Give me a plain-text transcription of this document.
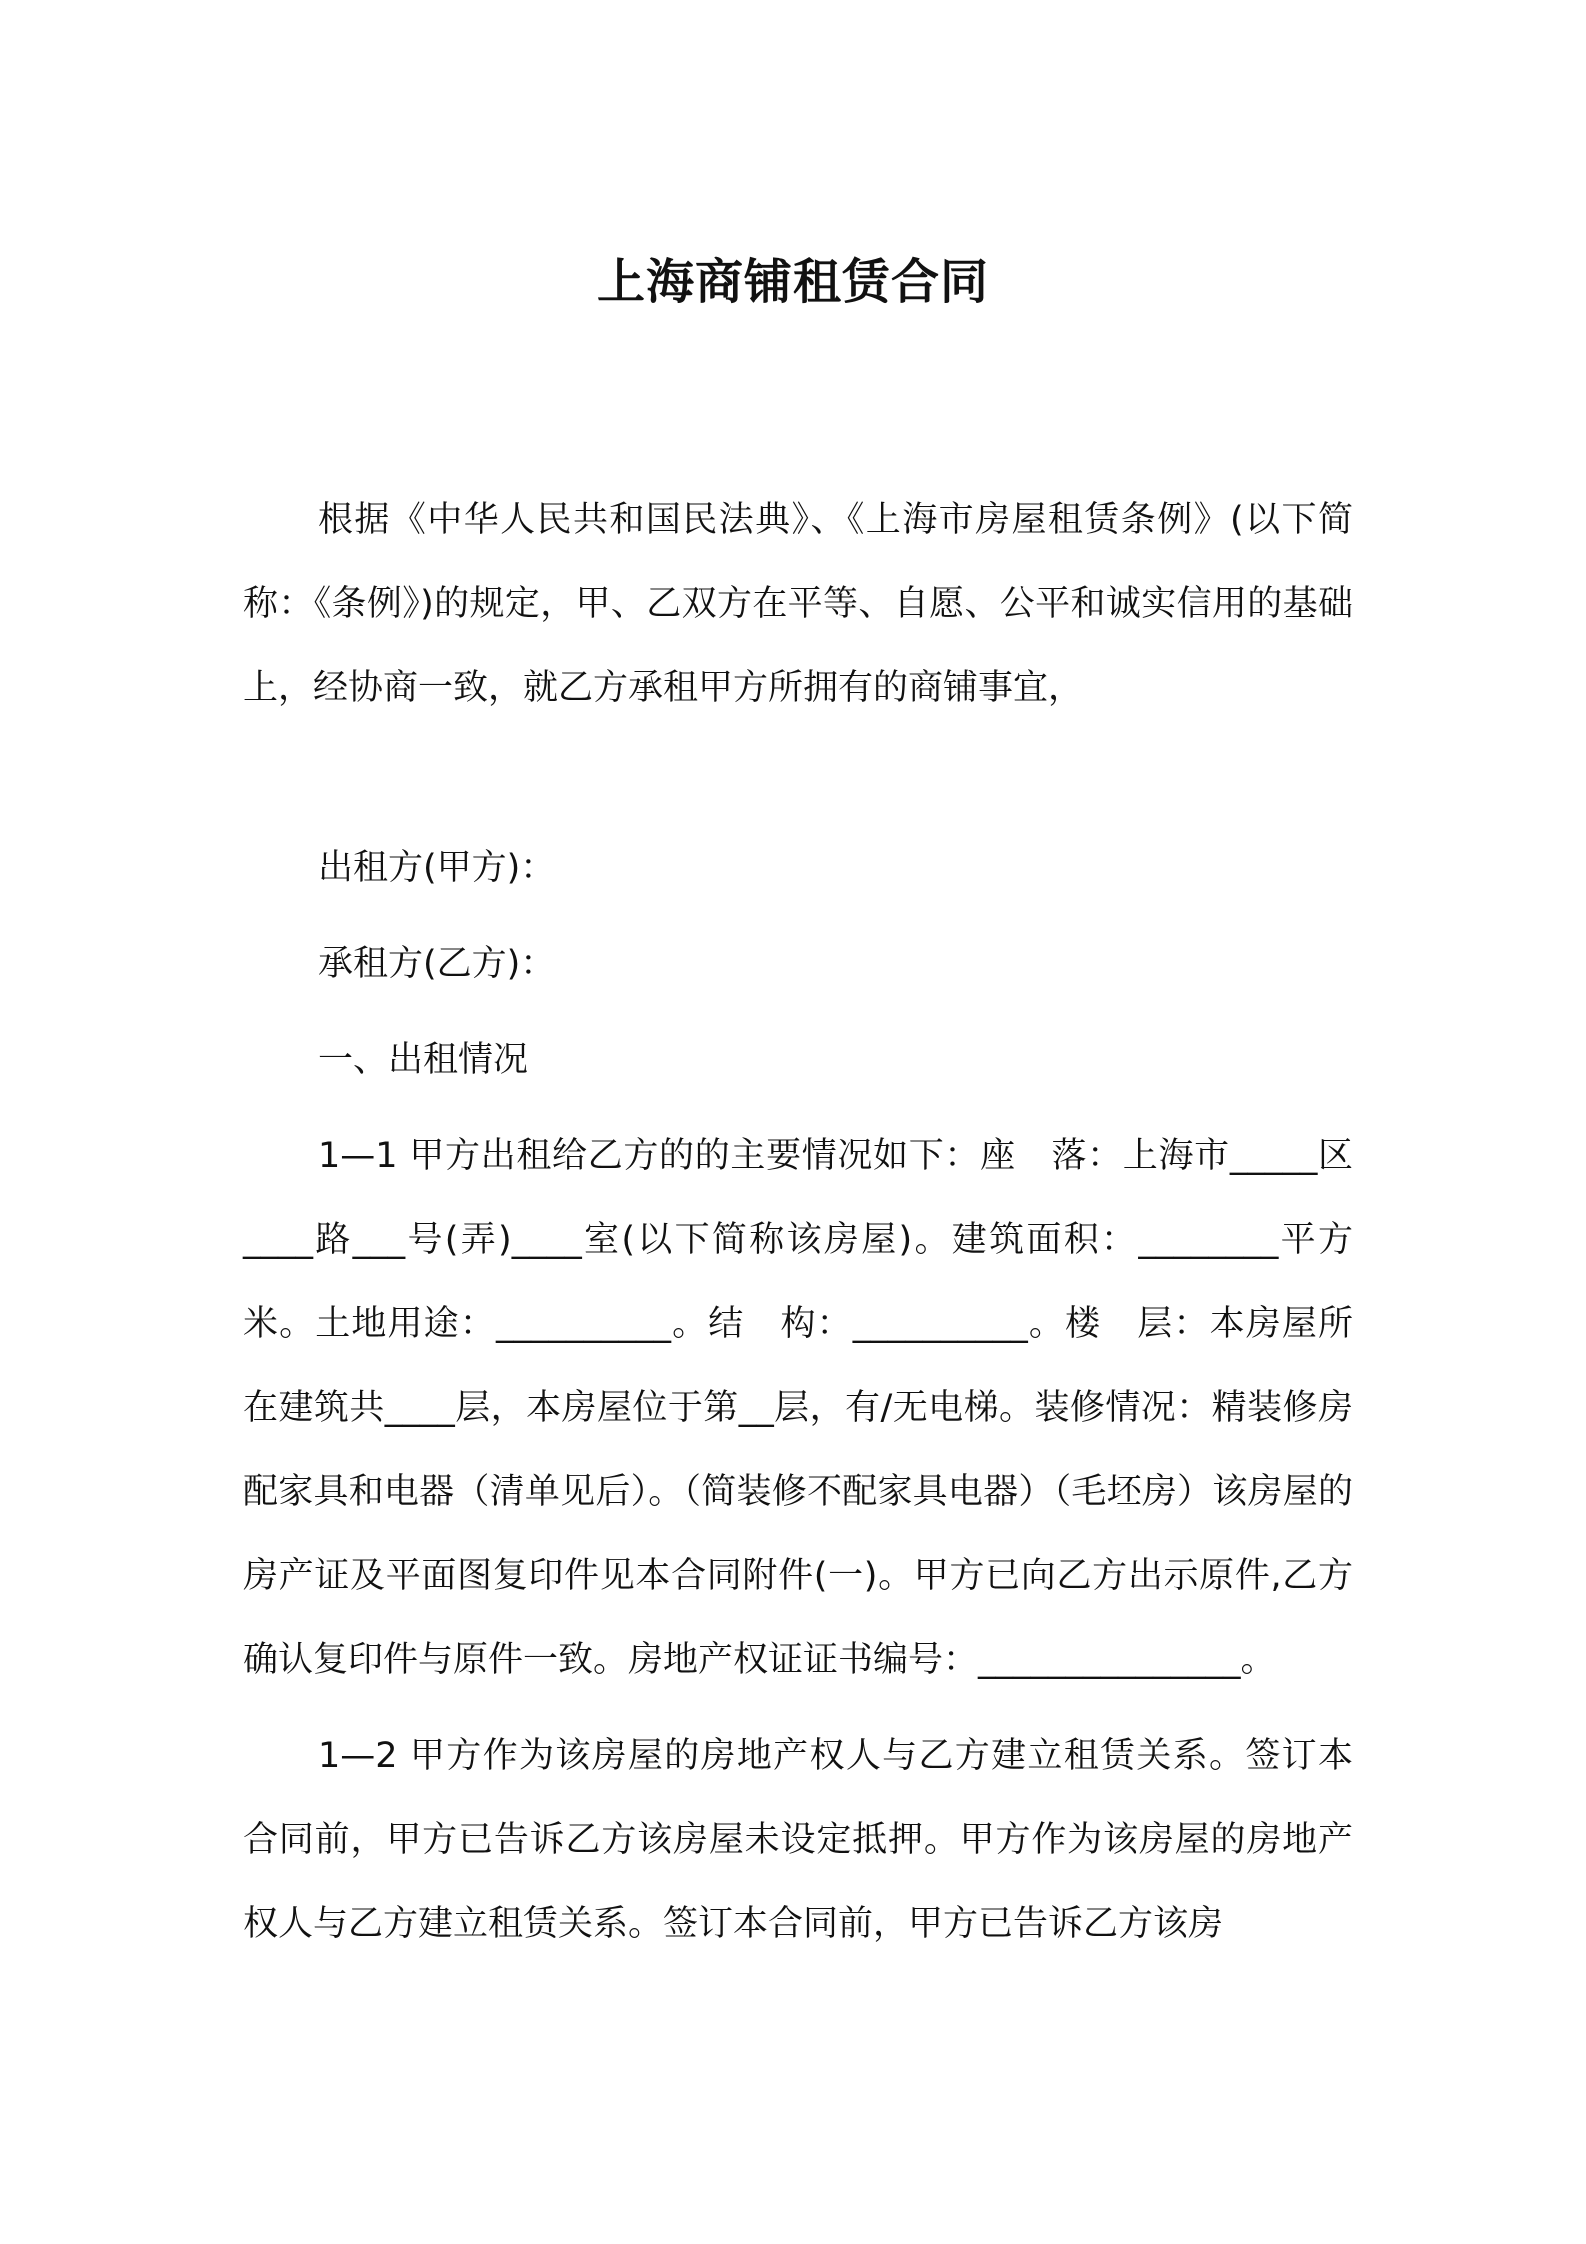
上海商铺租赁合同

根据《中华人民共和国民法典》、《上海市房屋租赁条例》(以下简称：《条例》)的规定，甲、乙双方在平等、自愿、公平和诚实信用的基础上，经协商一致，就乙方承租甲方所拥有的商铺事宜，

出租方(甲方)：

承租方(乙方)：

一、出租情况

1—1 甲方出租给乙方的的主要情况如下：座　落：上海市_____区____路___号(弄)____室(以下简称该房屋)。建筑面积：________平方米。土地用途：__________。结　构：__________。楼　层：本房屋所在建筑共____层，本房屋位于第__层，有/无电梯。装修情况：精装修房配家具和电器（清单见后）。（简装修不配家具电器）（毛坯房）该房屋的房产证及平面图复印件见本合同附件(一)。甲方已向乙方出示原件,乙方确认复印件与原件一致。房地产权证证书编号：_______________。

1—2 甲方作为该房屋的房地产权人与乙方建立租赁关系。签订本合同前，甲方已告诉乙方该房屋未设定抵押。甲方作为该房屋的房地产权人与乙方建立租赁关系。签订本合同前，甲方已告诉乙方该房
